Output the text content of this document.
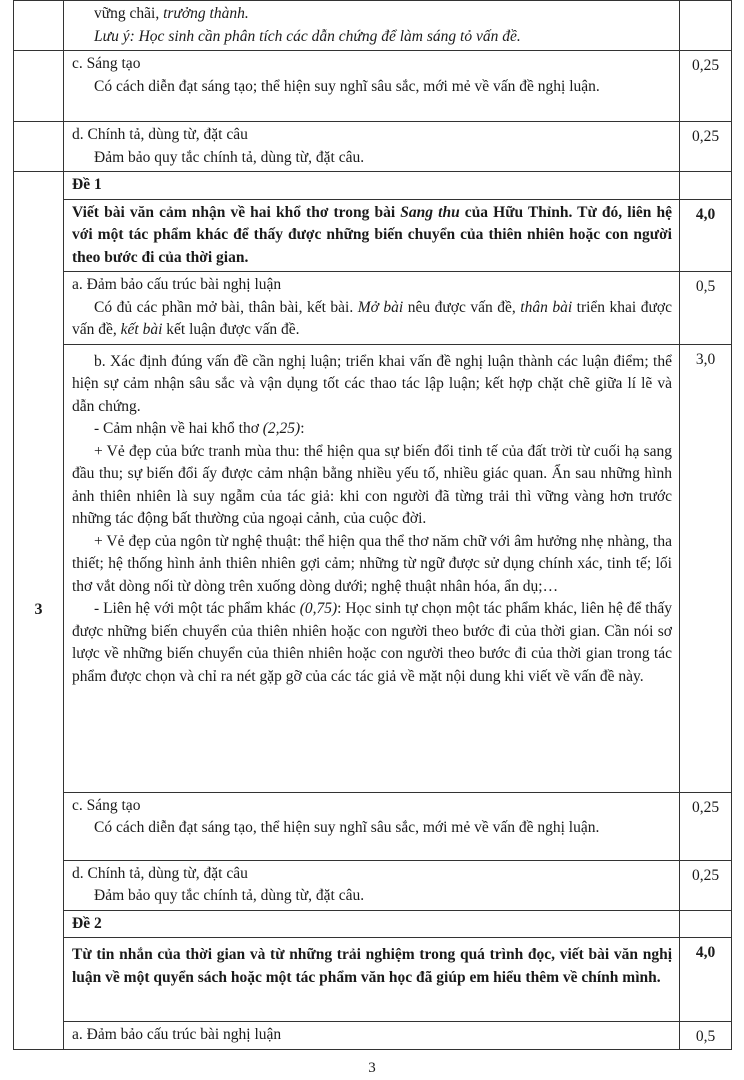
	vững chãi, trưởng thành.
Lưu ý: Học sinh cần phân tích các dẫn chứng để làm sáng tỏ vấn đề.	

	c. Sáng tạo
Có cách diễn đạt sáng tạo; thể hiện suy nghĩ sâu sắc, mới mẻ về vấn đề nghị luận.	0,25

	d. Chính tả, dùng từ, đặt câu
Đảm bảo quy tắc chính tả, dùng từ, đặt câu.	0,25

3	Đề 1	

	Viết bài văn cảm nhận về hai khổ thơ trong bài Sang thu của Hữu Thỉnh. Từ đó, liên hệ với một tác phẩm khác để thấy được những biến chuyển của thiên nhiên hoặc con người theo bước đi của thời gian.	4,0

	a. Đảm bảo cấu trúc bài nghị luận
Có đủ các phần mở bài, thân bài, kết bài. Mở bài nêu được vấn đề, thân bài triển khai được vấn đề, kết bài kết luận được vấn đề.	0,5

	b. Xác định đúng vấn đề cần nghị luận; triển khai vấn đề nghị luận thành các luận điểm; thể hiện sự cảm nhận sâu sắc và vận dụng tốt các thao tác lập luận; kết hợp chặt chẽ giữa lí lẽ và dẫn chứng.
- Cảm nhận về hai khổ thơ (2,25):
+ Vẻ đẹp của bức tranh mùa thu: thể hiện qua sự biến đổi tinh tế của đất trời từ cuối hạ sang đầu thu; sự biến đổi ấy được cảm nhận bằng nhiều yếu tố, nhiều giác quan. Ẩn sau những hình ảnh thiên nhiên là suy ngẫm của tác giả: khi con người đã từng trải thì vững vàng hơn trước những tác động bất thường của ngoại cảnh, của cuộc đời.
+ Vẻ đẹp của ngôn từ nghệ thuật: thể hiện qua thể thơ năm chữ với âm hưởng nhẹ nhàng, tha thiết; hệ thống hình ảnh thiên nhiên gợi cảm; những từ ngữ được sử dụng chính xác, tinh tế; lối thơ vắt dòng nối từ dòng trên xuống dòng dưới; nghệ thuật nhân hóa, ẩn dụ;…
- Liên hệ với một tác phẩm khác (0,75): Học sinh tự chọn một tác phẩm khác, liên hệ để thấy được những biến chuyển của thiên nhiên hoặc con người theo bước đi của thời gian. Cần nói sơ lược về những biến chuyển của thiên nhiên hoặc con người theo bước đi của thời gian trong tác phẩm được chọn và chỉ ra nét gặp gỡ của các tác giả về mặt nội dung khi viết về vấn đề này.	3,0

	c. Sáng tạo
Có cách diễn đạt sáng tạo, thể hiện suy nghĩ sâu sắc, mới mẻ về vấn đề nghị luận.	0,25

	d. Chính tả, dùng từ, đặt câu
Đảm bảo quy tắc chính tả, dùng từ, đặt câu.	0,25

	Đề 2	

	Từ tin nhắn của thời gian và từ những trải nghiệm trong quá trình đọc, viết bài văn nghị luận về một quyển sách hoặc một tác phẩm văn học đã giúp em hiểu thêm về chính mình.	4,0

	a. Đảm bảo cấu trúc bài nghị luận	0,5
3
